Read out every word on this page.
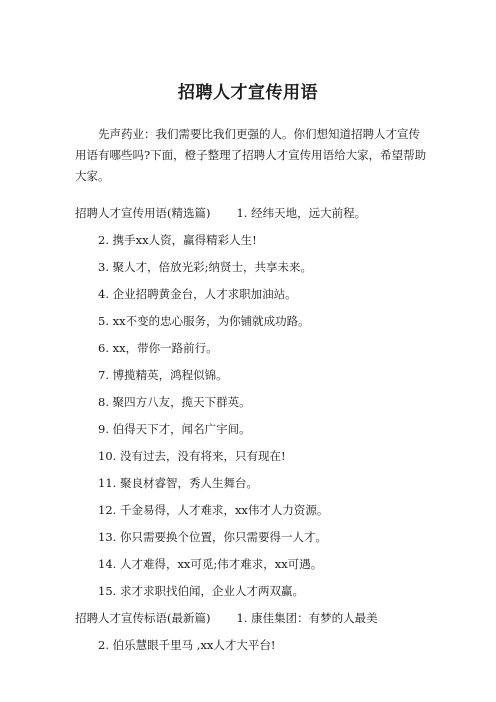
招聘人才宣传用语
先声药业：我们需要比我们更强的人。你们想知道招聘人才宣传用语有哪些吗?下面，橙子整理了招聘人才宣传用语给大家，希望帮助大家。
招聘人才宣传用语(精选篇) 1. 经纬天地，远大前程。
2. 携手xx人资，赢得精彩人生!
3. 聚人才，倍放光彩;纳贤士，共享未来。
4. 企业招聘黄金台，人才求职加油站。
5. xx不变的忠心服务，为你铺就成功路。
6. xx，带你一路前行。
7. 博揽精英，鸿程似锦。
8. 聚四方八友，揽天下群英。
9. 伯得天下才，闻名广宇间。
10. 没有过去，没有将来，只有现在!
11. 聚良材睿智，秀人生舞台。
12. 千金易得，人才难求，xx伟才人力资源。
13. 你只需要换个位置，你只需要得一人才。
14. 人才难得，xx可觅;伟才难求，xx可遇。
15. 求才求职找伯闻，企业人才两双赢。
招聘人才宣传标语(最新篇) 1. 康佳集团：有梦的人最美
2. 伯乐慧眼千里马 ,xx人才大平台!
